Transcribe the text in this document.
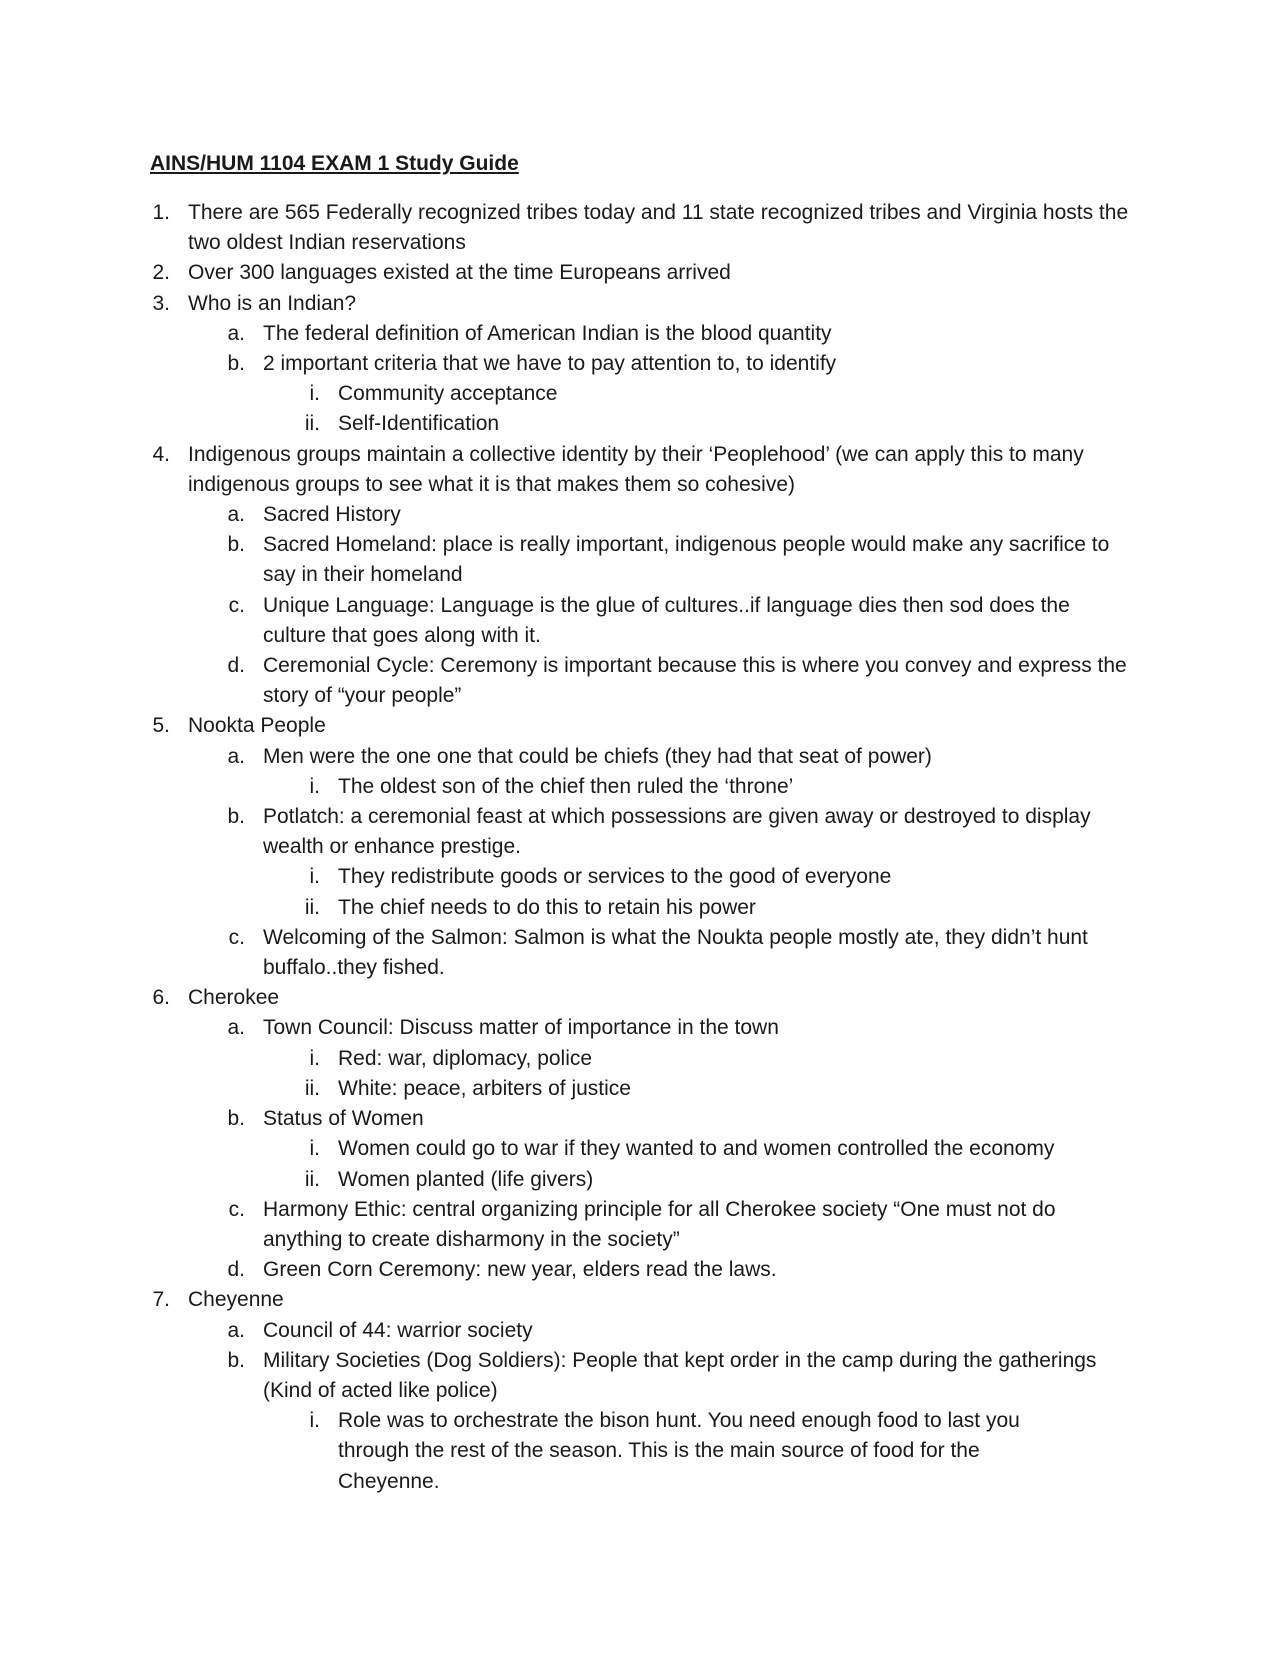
AINS/HUM 1104 EXAM 1 Study Guide
1. There are 565 Federally recognized tribes today and 11 state recognized tribes and Virginia hosts the two oldest Indian reservations
2. Over 300 languages existed at the time Europeans arrived
3. Who is an Indian?
a. The federal definition of American Indian is the blood quantity
b. 2 important criteria that we have to pay attention to, to identify
i. Community acceptance
ii. Self-Identification
4. Indigenous groups maintain a collective identity by their ‘Peoplehood’ (we can apply this to many indigenous groups to see what it is that makes them so cohesive)
a. Sacred History
b. Sacred Homeland: place is really important, indigenous people would make any sacrifice to say in their homeland
c. Unique Language: Language is the glue of cultures..if language dies then sod does the culture that goes along with it.
d. Ceremonial Cycle: Ceremony is important because this is where you convey and express the story of “your people”
5. Nookta People
a. Men were the one one that could be chiefs (they had that seat of power)
i. The oldest son of the chief then ruled the ‘throne’
b. Potlatch: a ceremonial feast at which possessions are given away or destroyed to display wealth or enhance prestige.
i. They redistribute goods or services to the good of everyone
ii. The chief needs to do this to retain his power
c. Welcoming of the Salmon: Salmon is what the Noukta people mostly ate, they didn’t hunt buffalo..they fished.
6. Cherokee
a. Town Council: Discuss matter of importance in the town
i. Red: war, diplomacy, police
ii. White: peace, arbiters of justice
b. Status of Women
i. Women could go to war if they wanted to and women controlled the economy
ii. Women planted (life givers)
c. Harmony Ethic: central organizing principle for all Cherokee society “One must not do anything to create disharmony in the society”
d. Green Corn Ceremony: new year, elders read the laws.
7. Cheyenne
a. Council of 44: warrior society
b. Military Societies (Dog Soldiers): People that kept order in the camp during the gatherings (Kind of acted like police)
i. Role was to orchestrate the bison hunt. You need enough food to last you through the rest of the season. This is the main source of food for the Cheyenne.
